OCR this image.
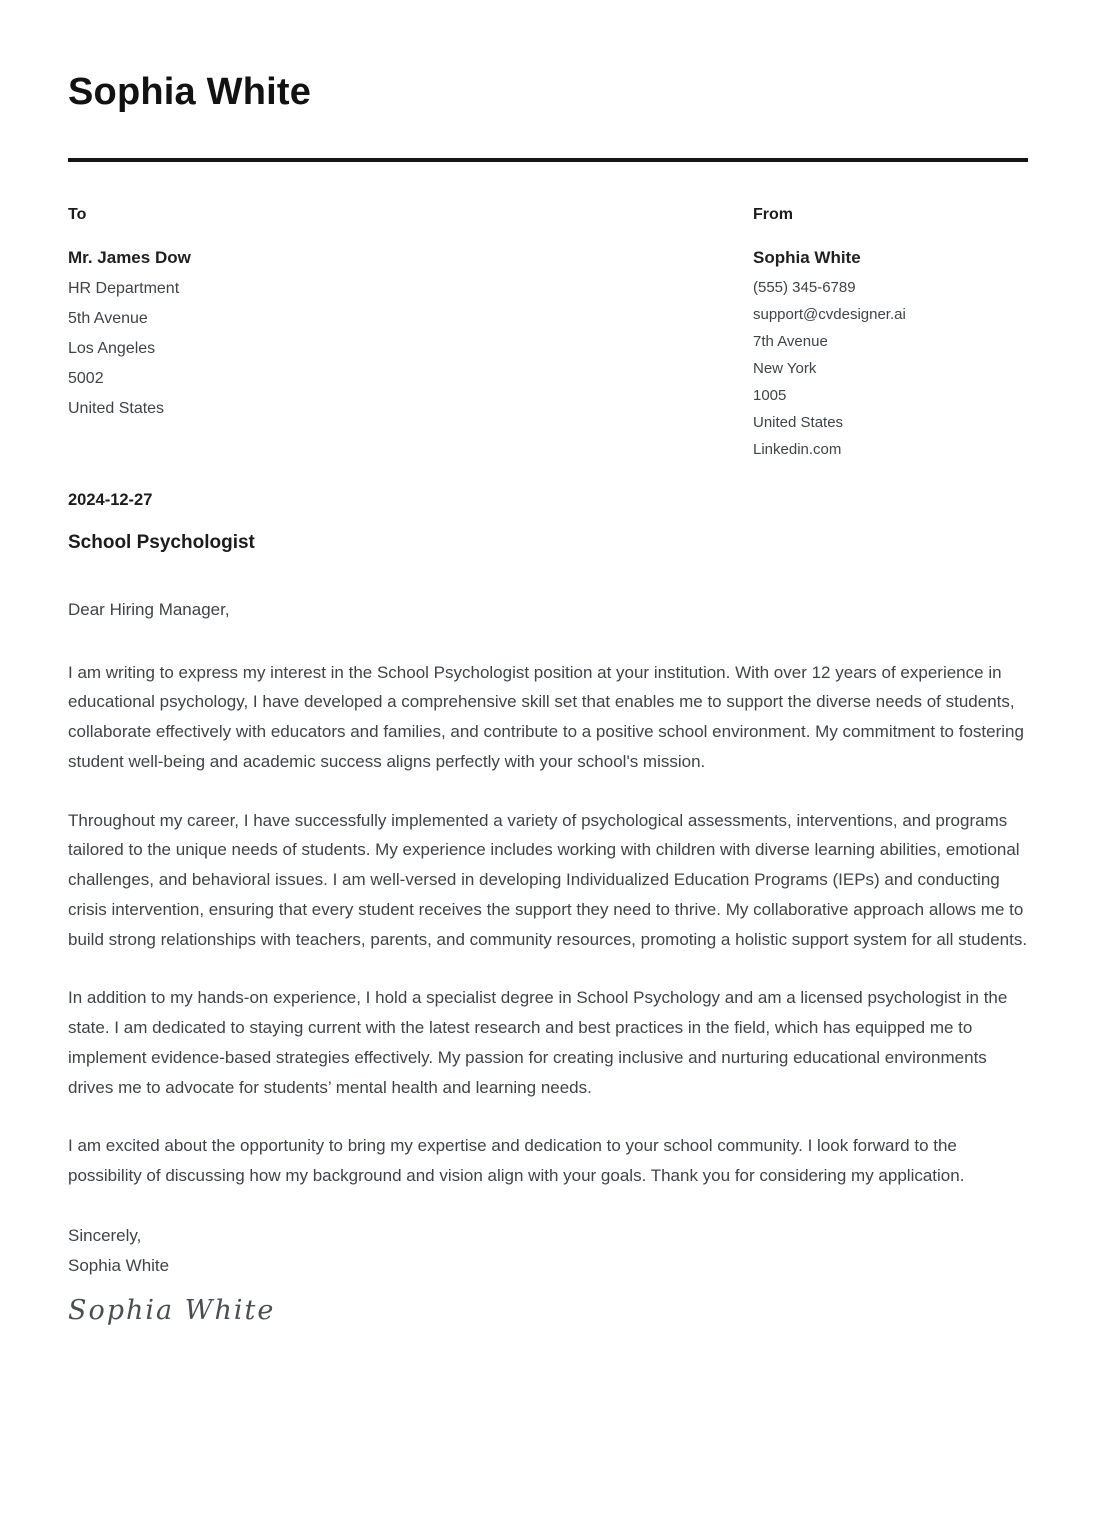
Sophia White
To
Mr. James Dow
HR Department
5th Avenue
Los Angeles
5002
United States
From
Sophia White
(555) 345-6789
support@cvdesigner.ai
7th Avenue
New York
1005
United States
Linkedin.com
2024-12-27
School Psychologist
Dear Hiring Manager,

I am writing to express my interest in the School Psychologist position at your institution. With over 12 years of experience in educational psychology, I have developed a comprehensive skill set that enables me to support the diverse needs of students, collaborate effectively with educators and families, and contribute to a positive school environment. My commitment to fostering student well-being and academic success aligns perfectly with your school's mission.

Throughout my career, I have successfully implemented a variety of psychological assessments, interventions, and programs tailored to the unique needs of students. My experience includes working with children with diverse learning abilities, emotional challenges, and behavioral issues. I am well-versed in developing Individualized Education Programs (IEPs) and conducting crisis intervention, ensuring that every student receives the support they need to thrive. My collaborative approach allows me to build strong relationships with teachers, parents, and community resources, promoting a holistic support system for all students.

In addition to my hands-on experience, I hold a specialist degree in School Psychology and am a licensed psychologist in the state. I am dedicated to staying current with the latest research and best practices in the field, which has equipped me to implement evidence-based strategies effectively. My passion for creating inclusive and nurturing educational environments drives me to advocate for students’ mental health and learning needs.

I am excited about the opportunity to bring my expertise and dedication to your school community. I look forward to the possibility of discussing how my background and vision align with your goals. Thank you for considering my application.

Sincerely,
Sophia White
Sophia White
